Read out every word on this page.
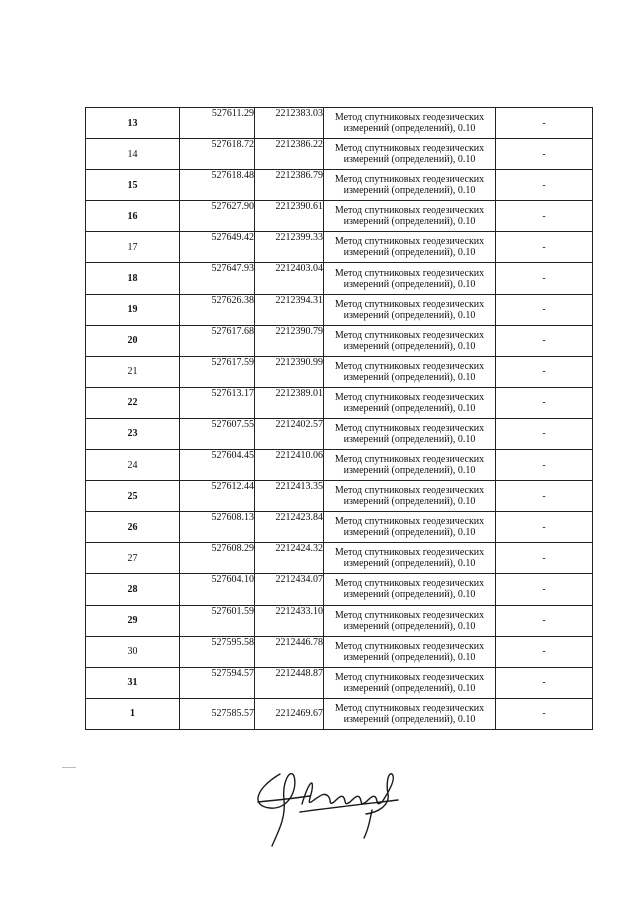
13	527611.29	2212383.03	Метод спутниковых геодезических
измерений (определений), 0.10	-
14	527618.72	2212386.22	Метод спутниковых геодезических
измерений (определений), 0.10	-
15	527618.48	2212386.79	Метод спутниковых геодезических
измерений (определений), 0.10	-
16	527627.90	2212390.61	Метод спутниковых геодезических
измерений (определений), 0.10	-
17	527649.42	2212399.33	Метод спутниковых геодезических
измерений (определений), 0.10	-
18	527647.93	2212403.04	Метод спутниковых геодезических
измерений (определений), 0.10	-
19	527626.38	2212394.31	Метод спутниковых геодезических
измерений (определений), 0.10	-
20	527617.68	2212390.79	Метод спутниковых геодезических
измерений (определений), 0.10	-
21	527617.59	2212390.99	Метод спутниковых геодезических
измерений (определений), 0.10	-
22	527613.17	2212389.01	Метод спутниковых геодезических
измерений (определений), 0.10	-
23	527607.55	2212402.57	Метод спутниковых геодезических
измерений (определений), 0.10	-
24	527604.45	2212410.06	Метод спутниковых геодезических
измерений (определений), 0.10	-
25	527612.44	2212413.35	Метод спутниковых геодезических
измерений (определений), 0.10	-
26	527608.13	2212423.84	Метод спутниковых геодезических
измерений (определений), 0.10	-
27	527608.29	2212424.32	Метод спутниковых геодезических
измерений (определений), 0.10	-
28	527604.10	2212434.07	Метод спутниковых геодезических
измерений (определений), 0.10	-
29	527601.59	2212433.10	Метод спутниковых геодезических
измерений (определений), 0.10	-
30	527595.58	2212446.78	Метод спутниковых геодезических
измерений (определений), 0.10	-
31	527594.57	2212448.87	Метод спутниковых геодезических
измерений (определений), 0.10	-
1	527585.57	2212469.67	Метод спутниковых геодезических
измерений (определений), 0.10	-
